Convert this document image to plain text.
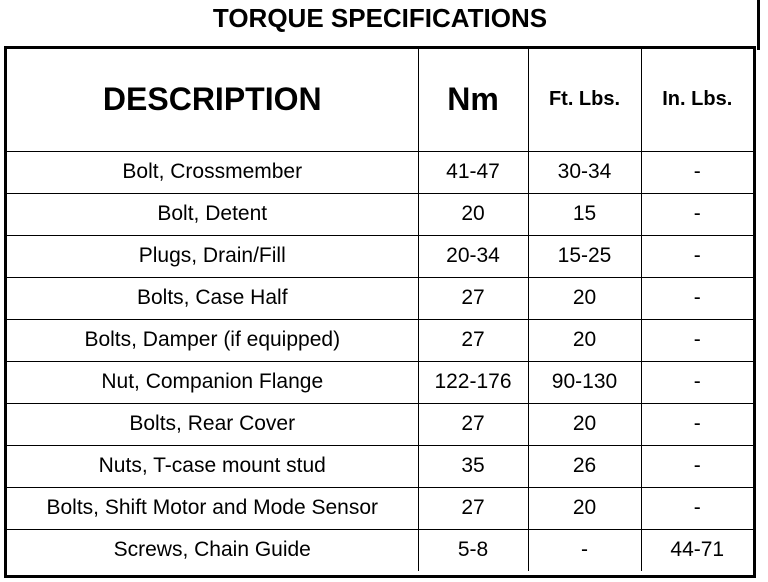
TORQUE SPECIFICATIONS
DESCRIPTION	Nm	Ft. Lbs.	In. Lbs.
Bolt, Crossmember	41-47	30-34	-
Bolt, Detent	20	15	-
Plugs, Drain/Fill	20-34	15-25	-
Bolts, Case Half	27	20	-
Bolts, Damper (if equipped)	27	20	-
Nut, Companion Flange	122-176	90-130	-
Bolts, Rear Cover	27	20	-
Nuts, T-case mount stud	35	26	-
Bolts, Shift Motor and Mode Sensor	27	20	-
Screws, Chain Guide	5-8	-	44-71
